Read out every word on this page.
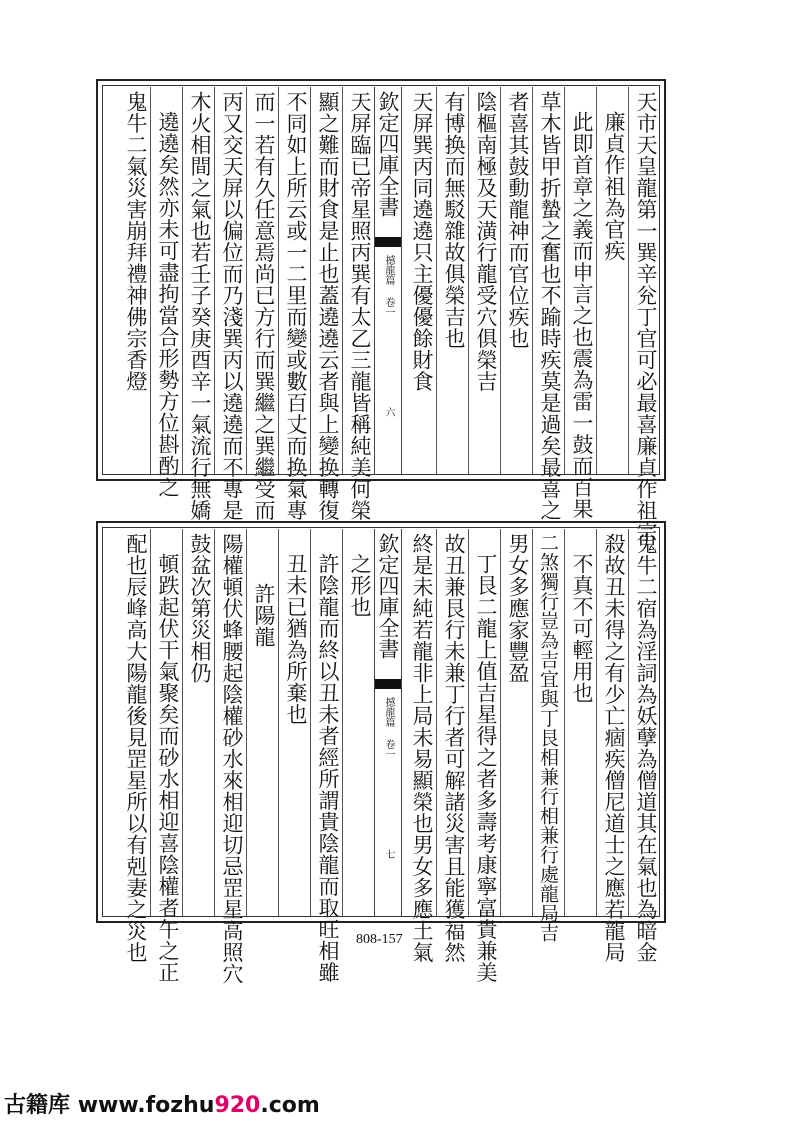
天市天皇龍第一巽辛兊丁官可必最喜廉貞作祖宗
廉貞作祖為官疾
此即首章之義而申言之也震為雷一鼓而百果
草木皆甲折蟄之奮也不踰時疾莫是過矣最喜之
者喜其鼓動龍神而官位疾也
陰樞南極及天潢行龍受穴俱榮吉
有博换而無駁雜故俱榮吉也
天屏巽丙同遶遶只主優優餘財食
欽定四庫全書
撼龍篇
卷一
六
天屏臨已帝星照丙巽有太乙三龍皆稱純美何榮
顯之難而財食是止也蓋遶遶云者與上變换轉復
不同如上所云或一二里而變或數百丈而换氣專
而一若有久任意焉尚已方行而巽繼之巽繼受而
丙又交天屏以偏位而乃淺巽丙以遶遶而不專是
木火相間之氣也若壬子癸庚酉辛一氣流行無嬌
遶遶矣然亦未可盡拘當合形勢方位斟酌之
鬼牛二氣災害崩拜禮神佛宗香燈
鬼牛二宿為淫詞為妖孽為僧道其在氣也為暗金
殺故丑未得之有少亡痼疾僧尼道士之應若龍局
不真不可輕用也
二煞獨行豈為吉宜與丁艮相兼行相兼行處龍局吉
男女多應家豐盈
丁艮二龍上值吉星得之者多壽考康寧富貴兼美
故丑兼艮行未兼丁行者可解諸災害且能獲福然
終是未純若龍非上局未易顯榮也男女多應土氣
欽定四庫全書
撼龍篇
卷一
七
之形也
許陰龍而終以丑未者經所謂貴陰龍而取旺相雖
丑未已猶為所棄也
許陽龍
陽權頓伏蜂腰起陰權砂水來相迎切忌罡星高照穴
鼓盆次第災相仍
頓跌起伏干氣聚矣而砂水相迎喜陰權者午之正
配也辰峰高大陽龍後見罡星所以有剋妻之災也	808-157
古籍库 www.fozhu920.com
